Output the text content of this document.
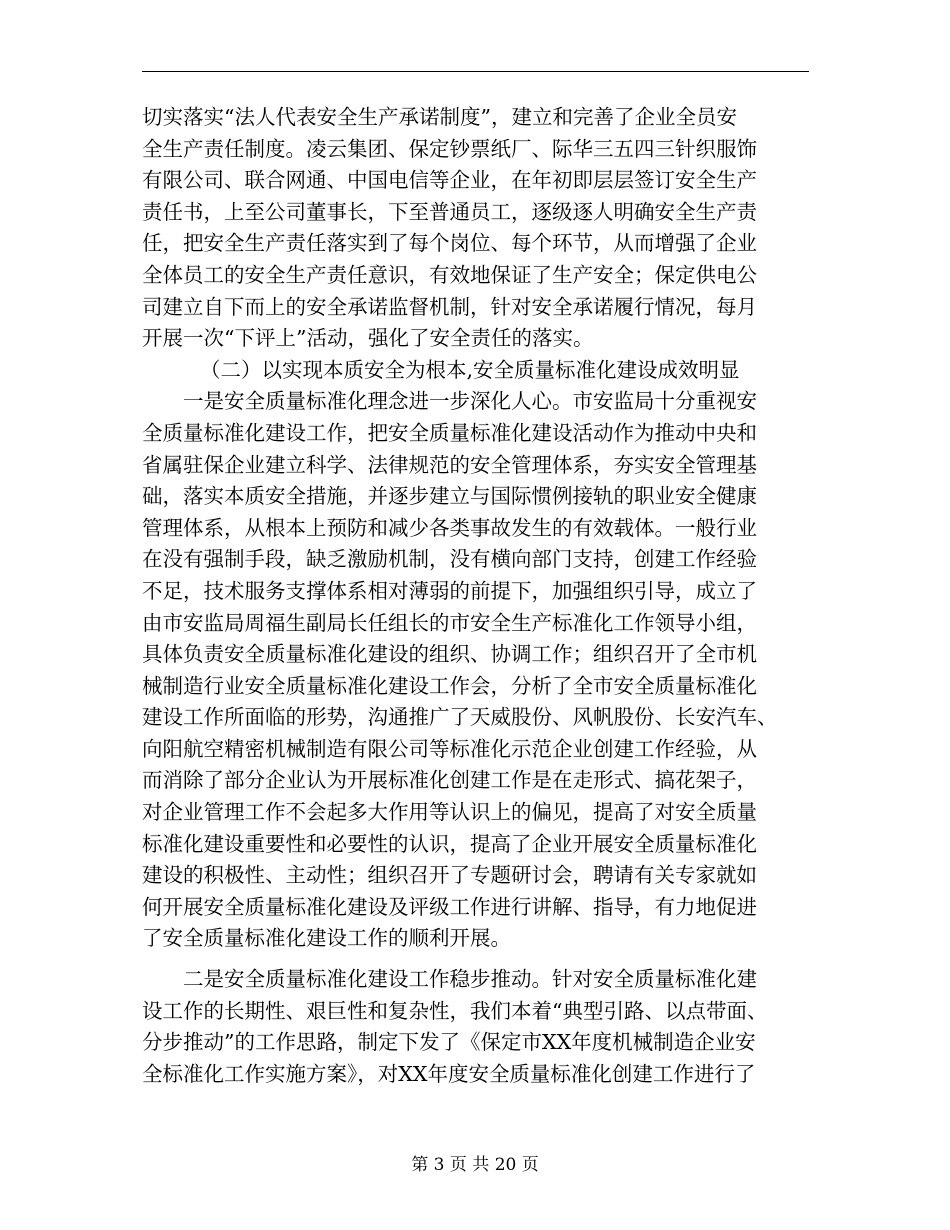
切实落实“法人代表安全生产承诺制度”，建立和完善了企业全员安
全生产责任制度。凌云集团、保定钞票纸厂、际华三五四三针织服饰
有限公司、联合网通、中国电信等企业，在年初即层层签订安全生产
责任书，上至公司董事长，下至普通员工，逐级逐人明确安全生产责
任，把安全生产责任落实到了每个岗位、每个环节，从而增强了企业
全体员工的安全生产责任意识，有效地保证了生产安全；保定供电公
司建立自下而上的安全承诺监督机制，针对安全承诺履行情况，每月
开展一次“下评上”活动，强化了安全责任的落实。
（二）以实现本质安全为根本,安全质量标准化建设成效明显
一是安全质量标准化理念进一步深化人心。市安监局十分重视安
全质量标准化建设工作，把安全质量标准化建设活动作为推动中央和
省属驻保企业建立科学、法律规范的安全管理体系，夯实安全管理基
础，落实本质安全措施，并逐步建立与国际惯例接轨的职业安全健康
管理体系，从根本上预防和减少各类事故发生的有效载体。一般行业
在没有强制手段，缺乏激励机制，没有横向部门支持，创建工作经验
不足，技术服务支撑体系相对薄弱的前提下，加强组织引导，成立了
由市安监局周福生副局长任组长的市安全生产标准化工作领导小组，
具体负责安全质量标准化建设的组织、协调工作；组织召开了全市机
械制造行业安全质量标准化建设工作会，分析了全市安全质量标准化
建设工作所面临的形势，沟通推广了天威股份、风帆股份、长安汽车、
向阳航空精密机械制造有限公司等标准化示范企业创建工作经验，从
而消除了部分企业认为开展标准化创建工作是在走形式、搞花架子，
对企业管理工作不会起多大作用等认识上的偏见，提高了对安全质量
标准化建设重要性和必要性的认识，提高了企业开展安全质量标准化
建设的积极性、主动性；组织召开了专题研讨会，聘请有关专家就如
何开展安全质量标准化建设及评级工作进行讲解、指导，有力地促进
了安全质量标准化建设工作的顺利开展。
二是安全质量标准化建设工作稳步推动。针对安全质量标准化建
设工作的长期性、艰巨性和复杂性，我们本着“典型引路、以点带面、
分步推动”的工作思路，制定下发了《保定市XX年度机械制造企业安
全标准化工作实施方案》，对XX年度安全质量标准化创建工作进行了
第 3 页 共 20 页
